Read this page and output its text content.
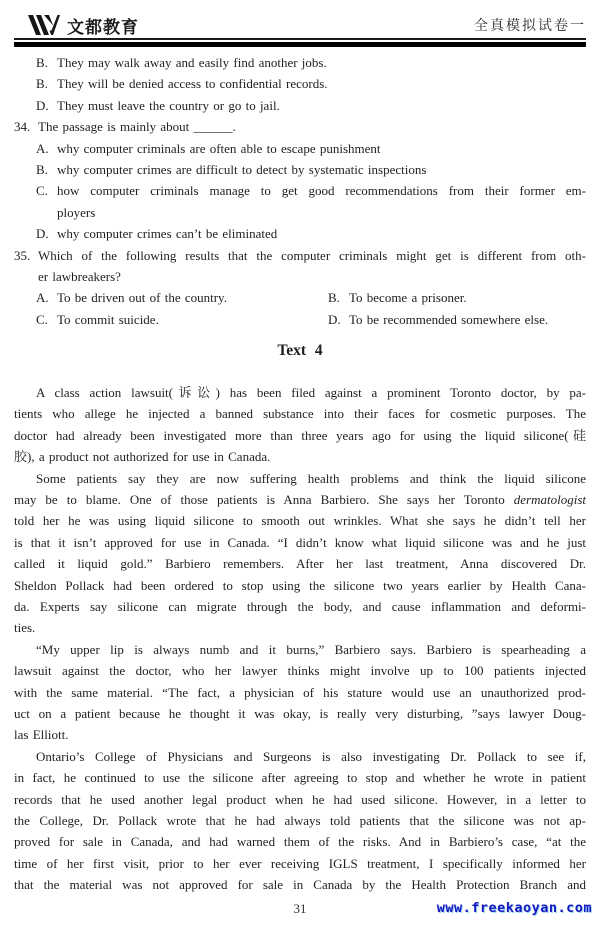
文都教育	全真模拟试卷一
B. They may walk away and easily find another jobs.
B. They will be denied access to confidential records.
D. They must leave the country or go to jail.
34. The passage is mainly about ______.
A. why computer criminals are often able to escape punishment
B. why computer crimes are difficult to detect by systematic inspections
C. how computer criminals manage to get good recommendations from their former em-
ployers
D. why computer crimes can’t be eliminated
35. Which of the following results that the computer criminals might get is different from oth-
er lawbreakers?
A. To be driven out of the country.	B. To become a prisoner.
C. To commit suicide.	D. To be recommended somewhere else.
Text 4
A class action lawsuit(诉讼) has been filed against a prominent Toronto doctor, by pa-
tients who allege he injected a banned substance into their faces for cosmetic purposes. The
doctor had already been investigated more than three years ago for using the liquid silicone(硅
胶), a product not authorized for use in Canada.
Some patients say they are now suffering health problems and think the liquid silicone
may be to blame. One of those patients is Anna Barbiero. She says her Toronto dermatologist
told her he was using liquid silicone to smooth out wrinkles. What she says he didn’t tell her
is that it isn’t approved for use in Canada. “I didn’t know what liquid silicone was and he just
called it liquid gold.” Barbiero remembers. After her last treatment, Anna discovered Dr.
Sheldon Pollack had been ordered to stop using the silicone two years earlier by Health Cana-
da. Experts say silicone can migrate through the body, and cause inflammation and deformi-
ties.
“My upper lip is always numb and it burns,” Barbiero says. Barbiero is spearheading a
lawsuit against the doctor, who her lawyer thinks might involve up to 100 patients injected
with the same material. “The fact, a physician of his stature would use an unauthorized prod-
uct on a patient because he thought it was okay, is really very disturbing, ”says lawyer Doug-
las Elliott.
Ontario’s College of Physicians and Surgeons is also investigating Dr. Pollack to see if,
in fact, he continued to use the silicone after agreeing to stop and whether he wrote in patient
records that he used another legal product when he had used silicone. However, in a letter to
the College, Dr. Pollack wrote that he had always told patients that the silicone was not ap-
proved for sale in Canada, and had warned them of the risks. And in Barbiero’s case, “at the
time of her first visit, prior to her ever receiving IGLS treatment, I specifically informed her
that the material was not approved for sale in Canada by the Health Protection Branch and
31	www.freekaoyan.com
